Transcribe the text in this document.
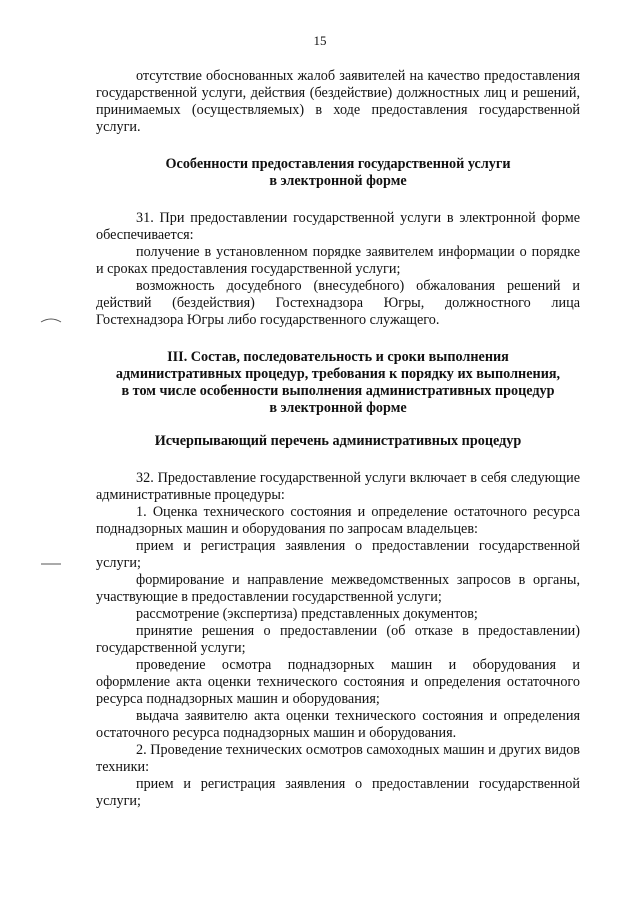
15

отсутствие обоснованных жалоб заявителей на качество предоставления государственной услуги, действия (бездействие) должностных лиц и решений, принимаемых (осуществляемых) в ходе предоставления государственной услуги.

Особенности предоставления государственной услуги

в электронной форме

31. При предоставлении государственной услуги в электронной форме обеспечивается:

получение в установленном порядке заявителем информации о порядке и сроках предоставления государственной услуги;

возможность досудебного (внесудебного) обжалования решений и действий (бездействия) Гостехнадзора Югры, должностного лица Гостехнадзора Югры либо государственного служащего.

III. Состав, последовательность и сроки выполнения

административных процедур, требования к порядку их выполнения,

в том числе особенности выполнения административных процедур

в электронной форме

Исчерпывающий перечень административных процедур

32. Предоставление государственной услуги включает в себя следующие административные процедуры:

1. Оценка технического состояния и определение остаточного ресурса поднадзорных машин и оборудования по запросам владельцев:

прием и регистрация заявления о предоставлении государственной услуги;

формирование и направление межведомственных запросов в органы, участвующие в предоставлении государственной услуги;

рассмотрение (экспертиза) представленных документов;

принятие решения о предоставлении (об отказе в предоставлении) государственной услуги;

проведение осмотра поднадзорных машин и оборудования и оформление акта оценки технического состояния и определения остаточного ресурса поднадзорных машин и оборудования;

выдача заявителю акта оценки технического состояния и определения остаточного ресурса поднадзорных машин и оборудования.

2. Проведение технических осмотров самоходных машин и других видов техники:

прием и регистрация заявления о предоставлении государственной услуги;
